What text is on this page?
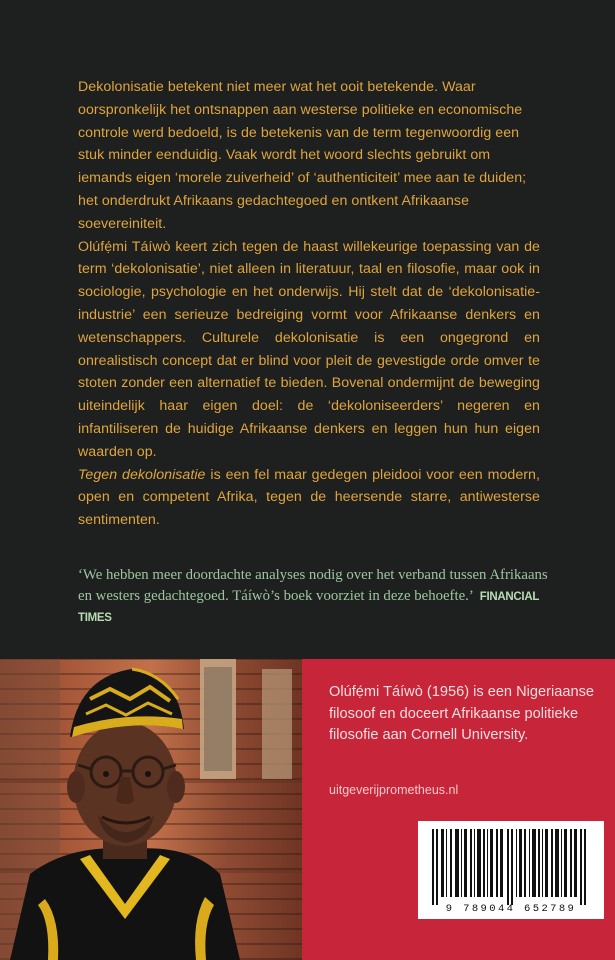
Dekolonisatie betekent niet meer wat het ooit betekende. Waar oorspronkelijk het ontsnappen aan westerse politieke en economische controle werd bedoeld, is de betekenis van de term tegenwoordig een stuk minder eenduidig. Vaak wordt het woord slechts gebruikt om iemands eigen ‘morele zuiverheid’ of ‘authenticiteit’ mee aan te duiden; het onderdrukt Afrikaans gedachtegoed en ontkent Afrikaanse soevereiniteit.

Olúfẹ́mi Táíwò keert zich tegen de haast willekeurige toepassing van de term ‘dekolonisatie’, niet alleen in literatuur, taal en filosofie, maar ook in sociologie, psychologie en het onderwijs. Hij stelt dat de ‘dekolonisatie-industrie’ een serieuze bedreiging vormt voor Afrikaanse denkers en wetenschappers. Culturele dekolonisatie is een ongegrond en onrealistisch concept dat er blind voor pleit de gevestigde orde omver te stoten zonder een alternatief te bieden. Bovenal ondermijnt de beweging uiteindelijk haar eigen doel: de ‘dekoloniseerders’ negeren en infantiliseren de huidige Afrikaanse denkers en leggen hun hun eigen waarden op.

Tegen dekolonisatie is een fel maar gedegen pleidooi voor een modern, open en competent Afrika, tegen de heersende starre, antiwesterse sentimenten.

‘We hebben meer doordachte analyses nodig over het verband tussen Afrikaans en westers gedachtegoed. Táíwò’s boek voorziet in deze behoefte.’ FINANCIAL TIMES

Olúfẹ́mi Táíwò (1956) is een Nigeriaanse filosoof en doceert Afrikaanse politieke filosofie aan Cornell University.

uitgeverijprometheus.nl
9 789044 652789
